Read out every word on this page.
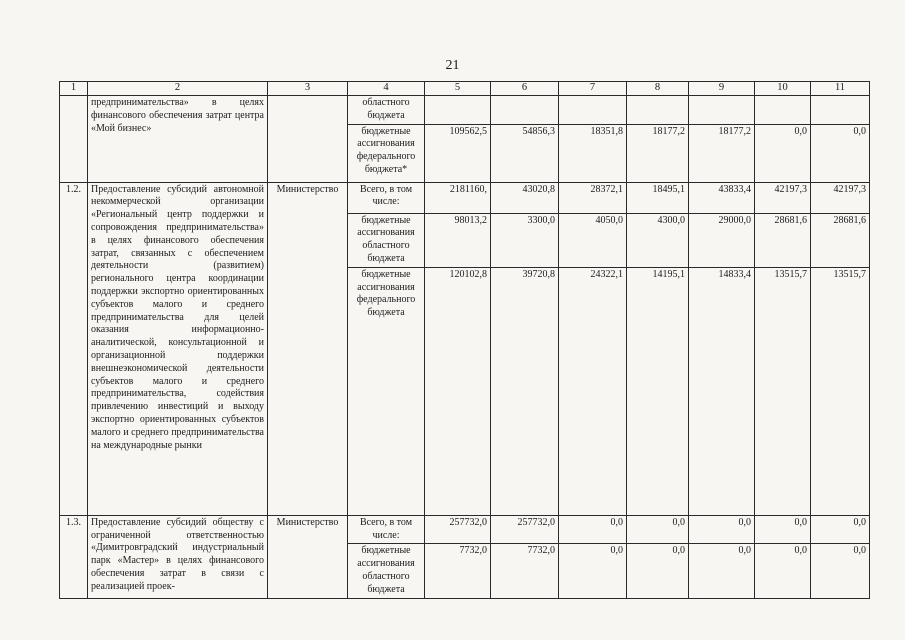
21
1	2	3	4	5	6	7	8	9	10	11
	предпринимательства» в целях финансового обеспечения затрат центра «Мой бизнес»		областного бюджета							
			бюджетные ассигнования федерального бюджета*	109562,5	54856,3	18351,8	18177,2	18177,2	0,0	0,0
1.2.	Предоставление субсидий автономной некоммерческой организации «Региональный центр поддержки и сопровождения предпринимательства» в целях финансового обеспечения затрат, связанных с обеспечением деятельности (развитием) регионального центра координации поддержки экспортно ориентированных субъектов малого и среднего предпринимательства для целей оказания информационно-аналитической, консультационной и организационной поддержки внешнеэкономической деятельности субъектов малого и среднего предпринимательства, содействия привлечению инвестиций и выходу экспортно ориентированных субъектов малого и среднего предпринимательства на международные рынки	Министерство	Всего, в том числе:	2181160,	43020,8	28372,1	18495,1	43833,4	42197,3	42197,3
			бюджетные ассигнования областного бюджета	98013,2	3300,0	4050,0	4300,0	29000,0	28681,6	28681,6
			бюджетные ассигнования федерального бюджета	120102,8	39720,8	24322,1	14195,1	14833,4	13515,7	13515,7
1.3.	Предоставление субсидий обществу с ограниченной ответственностью «Димитровградский индустриальный парк «Мастер» в целях финансового обеспечения затрат в связи с реализацией проек-	Министерство	Всего, в том числе:	257732,0	257732,0	0,0	0,0	0,0	0,0	0,0
			бюджетные ассигнования областного бюджета	7732,0	7732,0	0,0	0,0	0,0	0,0	0,0
